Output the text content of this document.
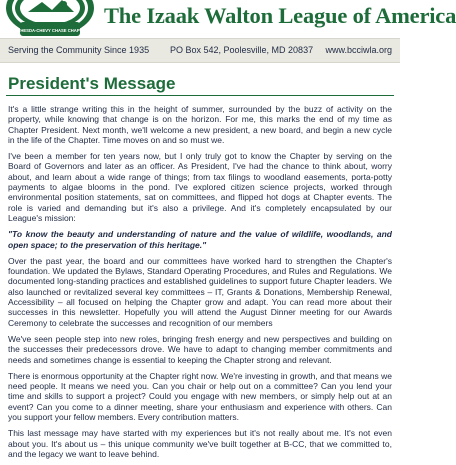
BETHESDA-CHEVY CHASE CHAPTER
The Izaak Walton League of America
Serving the Community Since 1935 PO Box 542, Poolesville, MD 20837 www.bcciwla.org
President's Message

It's a little strange writing this in the height of summer, surrounded by the buzz of activity on the property, while knowing that change is on the horizon. For me, this marks the end of my time as Chapter President. Next month, we'll welcome a new president, a new board, and begin a new cycle in the life of the Chapter. Time moves on and so must we.

I've been a member for ten years now, but I only truly got to know the Chapter by serving on the Board of Governors and later as an officer. As President, I've had the chance to think about, worry about, and learn about a wide range of things; from tax filings to woodland easements, porta-potty payments to algae blooms in the pond. I've explored citizen science projects, worked through environmental position statements, sat on committees, and flipped hot dogs at Chapter events. The role is varied and demanding but it's also a privilege. And it's completely encapsulated by our League's mission:

"To know the beauty and understanding of nature and the value of wildlife, woodlands, and open space; to the preservation of this heritage."

Over the past year, the board and our committees have worked hard to strengthen the Chapter's foundation. We updated the Bylaws, Standard Operating Procedures, and Rules and Regulations. We documented long-standing practices and established guidelines to support future Chapter leaders. We also launched or revitalized several key committees – IT, Grants & Donations, Membership Renewal, Accessibility – all focused on helping the Chapter grow and adapt. You can read more about their successes in this newsletter. Hopefully you will attend the August Dinner meeting for our Awards Ceremony to celebrate the successes and recognition of our members

We've seen people step into new roles, bringing fresh energy and new perspectives and building on the successes their predecessors drove. We have to adapt to changing member commitments and needs and sometimes change is essential to keeping the Chapter strong and relevant.

There is enormous opportunity at the Chapter right now. We're investing in growth, and that means we need people. It means we need you. Can you chair or help out on a committee? Can you lend your time and skills to support a project? Could you engage with new members, or simply help out at an event? Can you come to a dinner meeting, share your enthusiasm and experience with others. Can you support your fellow members. Every contribution matters.

This last message may have started with my experiences but it's not really about me. It's not even about you. It's about us – this unique community we've built together at B-CC, that we committed to, and the legacy we want to leave behind.
